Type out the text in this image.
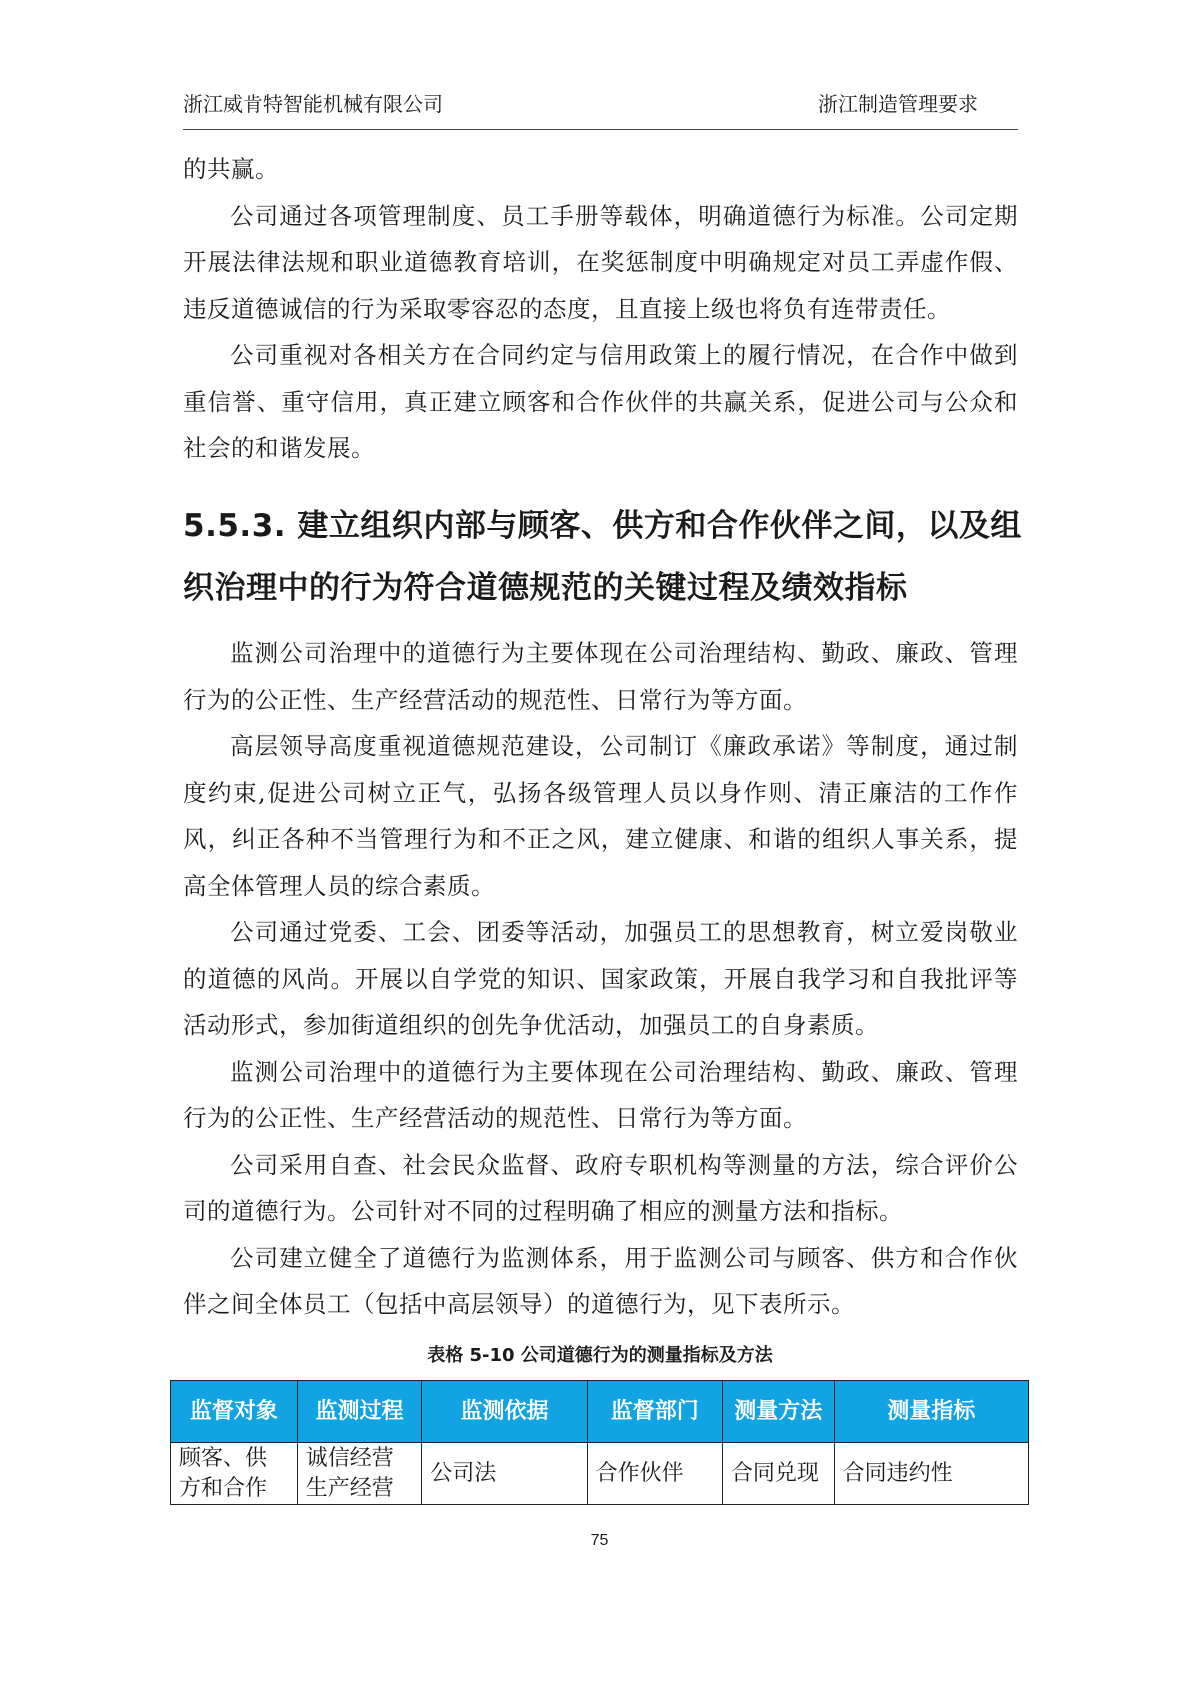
浙江威肯特智能机械有限公司	浙江制造管理要求

的共赢。

公司通过各项管理制度、员工手册等载体，明确道德行为标准。公司定期开展法律法规和职业道德教育培训，在奖惩制度中明确规定对员工弄虚作假、违反道德诚信的行为采取零容忍的态度，且直接上级也将负有连带责任。

公司重视对各相关方在合同约定与信用政策上的履行情况，在合作中做到重信誉、重守信用，真正建立顾客和合作伙伴的共赢关系，促进公司与公众和社会的和谐发展。

5.5.3. 建立组织内部与顾客、供方和合作伙伴之间，以及组织治理中的行为符合道德规范的关键过程及绩效指标

监测公司治理中的道德行为主要体现在公司治理结构、勤政、廉政、管理行为的公正性、生产经营活动的规范性、日常行为等方面。

高层领导高度重视道德规范建设，公司制订《廉政承诺》等制度，通过制度约束,促进公司树立正气，弘扬各级管理人员以身作则、清正廉洁的工作作风，纠正各种不当管理行为和不正之风，建立健康、和谐的组织人事关系，提高全体管理人员的综合素质。

公司通过党委、工会、团委等活动，加强员工的思想教育，树立爱岗敬业的道德的风尚。开展以自学党的知识、国家政策，开展自我学习和自我批评等活动形式，参加街道组织的创先争优活动，加强员工的自身素质。

监测公司治理中的道德行为主要体现在公司治理结构、勤政、廉政、管理行为的公正性、生产经营活动的规范性、日常行为等方面。

公司采用自查、社会民众监督、政府专职机构等测量的方法，综合评价公司的道德行为。公司针对不同的过程明确了相应的测量方法和指标。

公司建立健全了道德行为监测体系，用于监测公司与顾客、供方和合作伙伴之间全体员工（包括中高层领导）的道德行为，见下表所示。

表格 5-10 公司道德行为的测量指标及方法
监督对象	监测过程	监测依据	监督部门	测量方法	测量指标
顾客、供方和合作	诚信经营生产经营	公司法	合作伙伴	合同兑现	合同违约性
75
